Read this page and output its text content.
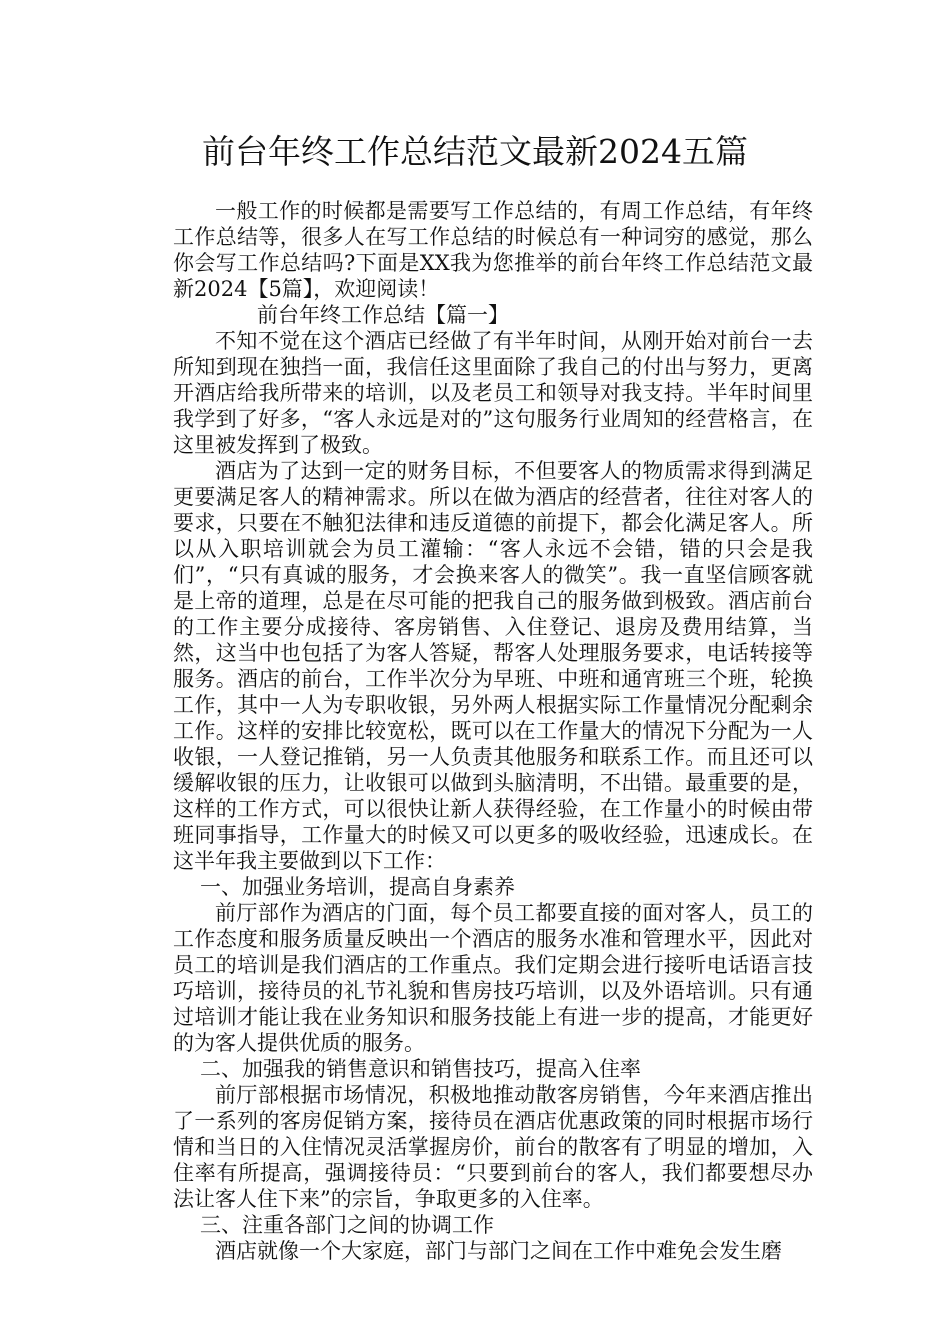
前台年终工作总结范文最新2024五篇

一般工作的时候都是需要写工作总结的，有周工作总结，有年终工作总结等，很多人在写工作总结的时候总有一种词穷的感觉，那么你会写工作总结吗?下面是XX我为您推举的前台年终工作总结范文最新2024【5篇】，欢迎阅读！

前台年终工作总结【篇一】

不知不觉在这个酒店已经做了有半年时间，从刚开始对前台一去所知到现在独挡一面，我信任这里面除了我自己的付出与努力，更离开酒店给我所带来的培训，以及老员工和领导对我支持。半年时间里我学到了好多，“客人永远是对的”这句服务行业周知的经营格言，在这里被发挥到了极致。

酒店为了达到一定的财务目标，不但要客人的物质需求得到满足更要满足客人的精神需求。所以在做为酒店的经营者，往往对客人的要求，只要在不触犯法律和违反道德的前提下，都会化满足客人。所以从入职培训就会为员工灌输：“客人永远不会错，错的只会是我们”，“只有真诚的服务，才会换来客人的微笑”。我一直坚信顾客就是上帝的道理，总是在尽可能的把我自己的服务做到极致。酒店前台的工作主要分成接待、客房销售、入住登记、退房及费用结算，当然，这当中也包括了为客人答疑，帮客人处理服务要求，电话转接等服务。酒店的前台，工作半次分为早班、中班和通宵班三个班，轮换工作，其中一人为专职收银，另外两人根据实际工作量情况分配剩余工作。这样的安排比较宽松，既可以在工作量大的情况下分配为一人收银，一人登记推销，另一人负责其他服务和联系工作。而且还可以缓解收银的压力，让收银可以做到头脑清明，不出错。最重要的是，这样的工作方式，可以很快让新人获得经验，在工作量小的时候由带班同事指导，工作量大的时候又可以更多的吸收经验，迅速成长。在这半年我主要做到以下工作：

一、加强业务培训，提高自身素养

前厅部作为酒店的门面，每个员工都要直接的面对客人，员工的工作态度和服务质量反映出一个酒店的服务水准和管理水平，因此对员工的培训是我们酒店的工作重点。我们定期会进行接听电话语言技巧培训，接待员的礼节礼貌和售房技巧培训，以及外语培训。只有通过培训才能让我在业务知识和服务技能上有进一步的提高，才能更好的为客人提供优质的服务。

二、加强我的销售意识和销售技巧，提高入住率

前厅部根据市场情况，积极地推动散客房销售，今年来酒店推出了一系列的客房促销方案，接待员在酒店优惠政策的同时根据市场行情和当日的入住情况灵活掌握房价，前台的散客有了明显的增加，入住率有所提高，强调接待员：“只要到前台的客人，我们都要想尽办法让客人住下来”的宗旨，争取更多的入住率。

三、注重各部门之间的协调工作

酒店就像一个大家庭，部门与部门之间在工作中难免会发生磨
